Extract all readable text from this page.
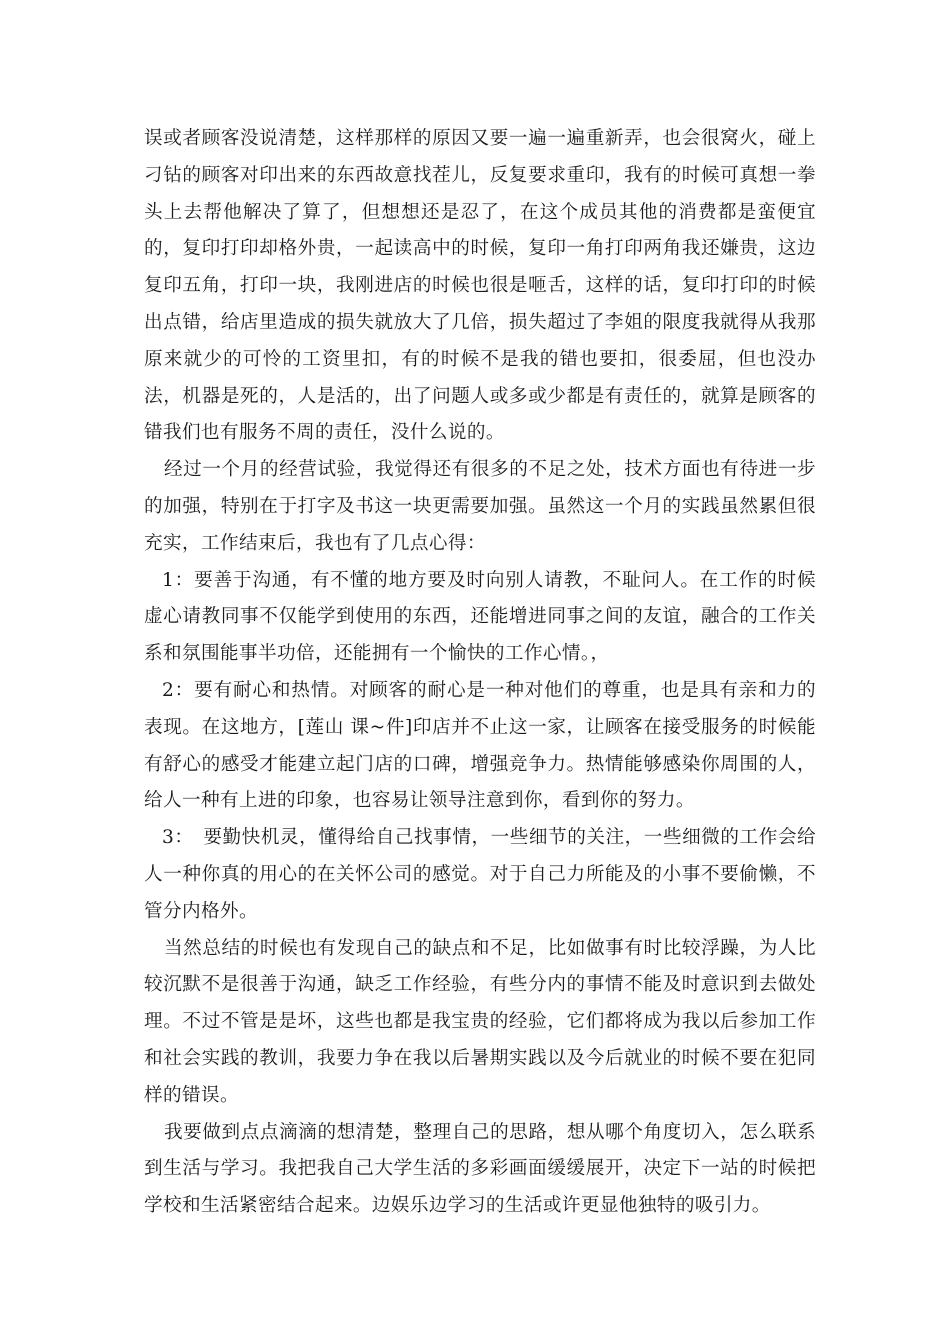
误或者顾客没说清楚，这样那样的原因又要一遍一遍重新弄，也会很窝火，碰上刁钻的顾客对印出来的东西故意找茬儿，反复要求重印，我有的时候可真想一拳头上去帮他解决了算了，但想想还是忍了，在这个成员其他的消费都是蛮便宜的，复印打印却格外贵，一起读高中的时候，复印一角打印两角我还嫌贵，这边复印五角，打印一块，我刚进店的时候也很是咂舌，这样的话，复印打印的时候出点错，给店里造成的损失就放大了几倍，损失超过了李姐的限度我就得从我那原来就少的可怜的工资里扣，有的时候不是我的错也要扣，很委屈，但也没办法，机器是死的，人是活的，出了问题人或多或少都是有责任的，就算是顾客的错我们也有服务不周的责任，没什么说的。

经过一个月的经营试验，我觉得还有很多的不足之处，技术方面也有待进一步的加强，特别在于打字及书这一块更需要加强。虽然这一个月的实践虽然累但很充实，工作结束后，我也有了几点心得：

1：要善于沟通，有不懂的地方要及时向别人请教，不耻问人。在工作的时候虚心请教同事不仅能学到使用的东西，还能增进同事之间的友谊，融合的工作关系和氛围能事半功倍，还能拥有一个愉快的工作心情。，

2：要有耐心和热情。对顾客的耐心是一种对他们的尊重，也是具有亲和力的表现。在这地方，[莲山 课~件]印店并不止这一家，让顾客在接受服务的时候能有舒心的感受才能建立起门店的口碑，增强竞争力。热情能够感染你周围的人，给人一种有上进的印象，也容易让领导注意到你，看到你的努力。

3：　要勤快机灵，懂得给自己找事情，一些细节的关注，一些细微的工作会给人一种你真的用心的在关怀公司的感觉。对于自己力所能及的小事不要偷懒，不管分内格外。

当然总结的时候也有发现自己的缺点和不足，比如做事有时比较浮躁，为人比较沉默不是很善于沟通，缺乏工作经验，有些分内的事情不能及时意识到去做处理。不过不管是是坏，这些也都是我宝贵的经验，它们都将成为我以后参加工作和社会实践的教训，我要力争在我以后暑期实践以及今后就业的时候不要在犯同样的错误。

我要做到点点滴滴的想清楚，整理自己的思路，想从哪个角度切入，怎么联系到生活与学习。我把我自己大学生活的多彩画面缓缓展开，决定下一站的时候把学校和生活紧密结合起来。边娱乐边学习的生活或许更显他独特的吸引力。
